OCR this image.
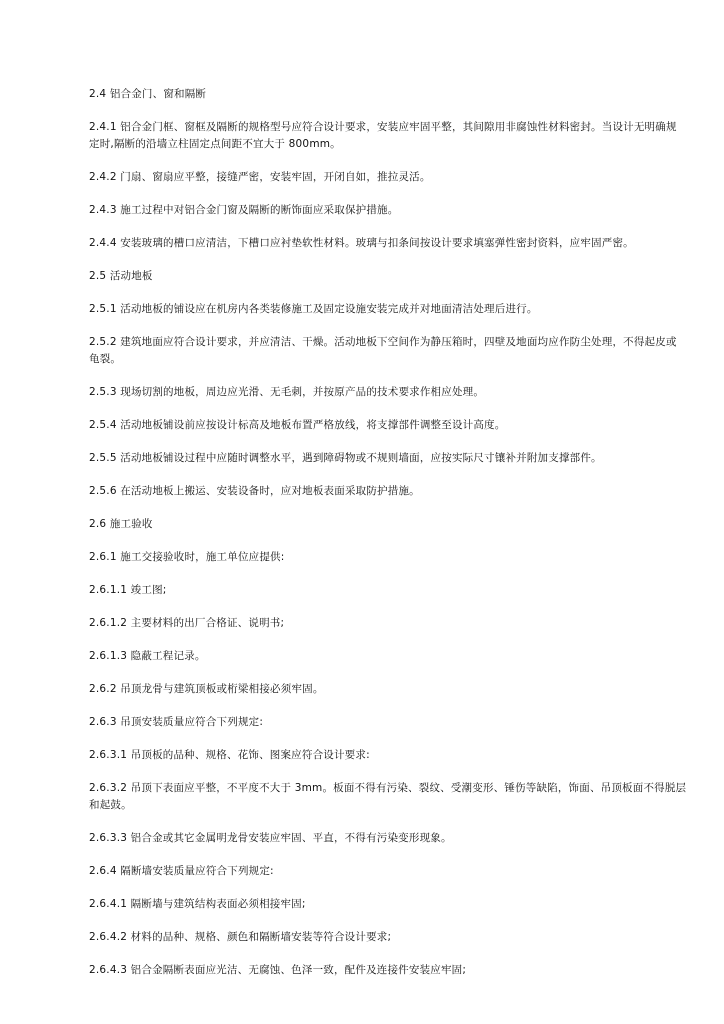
2.4 铝合金门、窗和隔断

2.4.1 铝合金门框、窗框及隔断的规格型号应符合设计要求，安装应牢固平整，其间隙用非腐蚀性材料密封。当设计无明确规定时,隔断的沿墙立柱固定点间距不宜大于 800mm。

2.4.2 门扇、窗扇应平整，接缝严密，安装牢固，开闭自如，推拉灵活。

2.4.3 施工过程中对铝合金门窗及隔断的断饰面应采取保护措施。

2.4.4 安装玻璃的槽口应清洁，下槽口应衬垫软性材料。玻璃与扣条间按设计要求填塞弹性密封资料，应牢固严密。

2.5 活动地板

2.5.1 活动地板的铺设应在机房内各类装修施工及固定设施安装完成并对地面清洁处理后进行。

2.5.2 建筑地面应符合设计要求，并应清洁、干燥。活动地板下空间作为静压箱时，四壁及地面均应作防尘处理，不得起皮或龟裂。

2.5.3 现场切割的地板，周边应光滑、无毛刺，并按原产品的技术要求作相应处理。

2.5.4 活动地板铺设前应按设计标高及地板布置严格放线，将支撑部件调整至设计高度。

2.5.5 活动地板铺设过程中应随时调整水平，遇到障碍物或不规则墙面，应按实际尺寸镶补并附加支撑部件。

2.5.6 在活动地板上搬运、安装设备时，应对地板表面采取防护措施。

2.6 施工验收

2.6.1 施工交接验收时，施工单位应提供:

2.6.1.1 竣工图;

2.6.1.2 主要材料的出厂合格证、说明书;

2.6.1.3 隐蔽工程记录。

2.6.2 吊顶龙骨与建筑顶板或桁梁相接必须牢固。

2.6.3 吊顶安装质量应符合下列规定:

2.6.3.1 吊顶板的品种、规格、花饰、图案应符合设计要求:

2.6.3.2 吊顶下表面应平整，不平度不大于 3mm。板面不得有污染、裂纹、受潮变形、锤伤等缺陷，饰面、吊顶板面不得脱层和起鼓。

2.6.3.3 铝合金或其它金属明龙骨安装应牢固、平直，不得有污染变形现象。

2.6.4 隔断墙安装质量应符合下列规定:

2.6.4.1 隔断墙与建筑结构表面必须相接牢固;

2.6.4.2 材料的品种、规格、颜色和隔断墙安装等符合设计要求;

2.6.4.3 铝合金隔断表面应光洁、无腐蚀、色泽一致，配件及连接件安装应牢固;
